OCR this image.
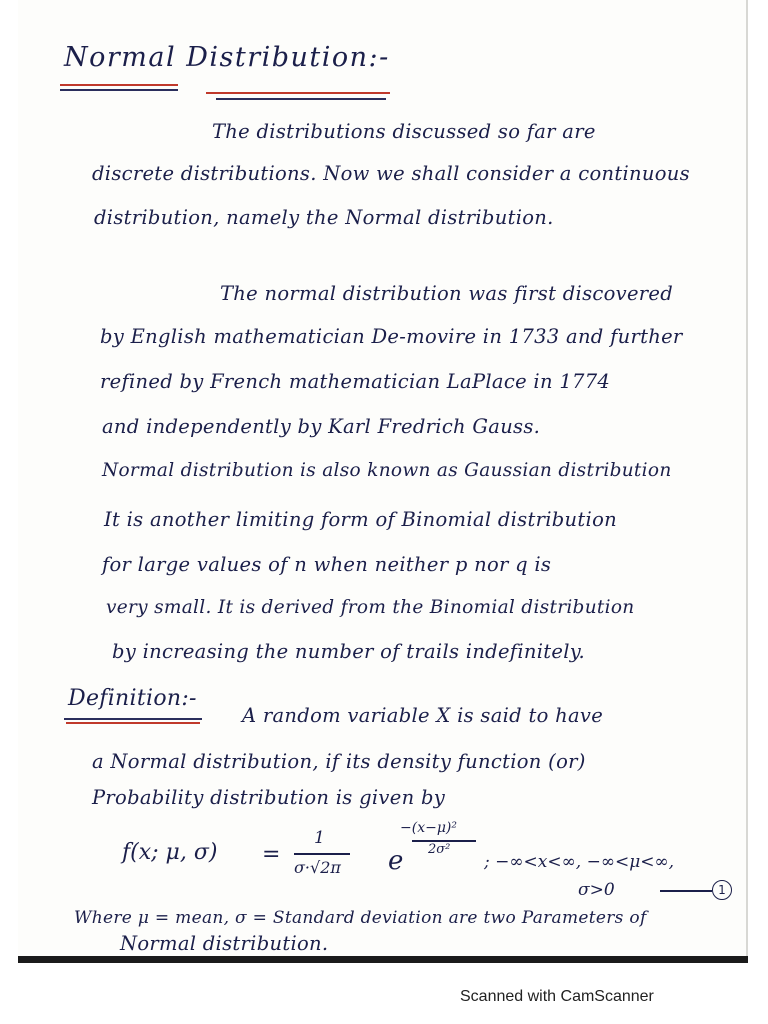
Normal Distribution:-
The distributions discussed so far are
discrete distributions. Now we shall consider a continuous
distribution, namely the Normal distribution.
The normal distribution was first discovered
by English mathematician De-movire in 1733 and further
refined by French mathematician LaPlace in 1774
and independently by Karl Fredrich Gauss.
Normal distribution is also known as Gaussian distribution
It is another limiting form of Binomial distribution
for large values of n when neither p nor q is
very small. It is derived from the Binomial distribution
by increasing the number of trails indefinitely.
Definition:-
A random variable X is said to have
a Normal distribution, if its density function (or)
Probability distribution is given by
f(x; μ, σ) =
1
σ·√2π e
−(x−μ)²
2σ²
; −∞<x<∞, −∞<μ<∞,
σ>0	1
Where μ = mean, σ = Standard deviation are two Parameters of
Normal distribution.
Scanned with CamScanner
